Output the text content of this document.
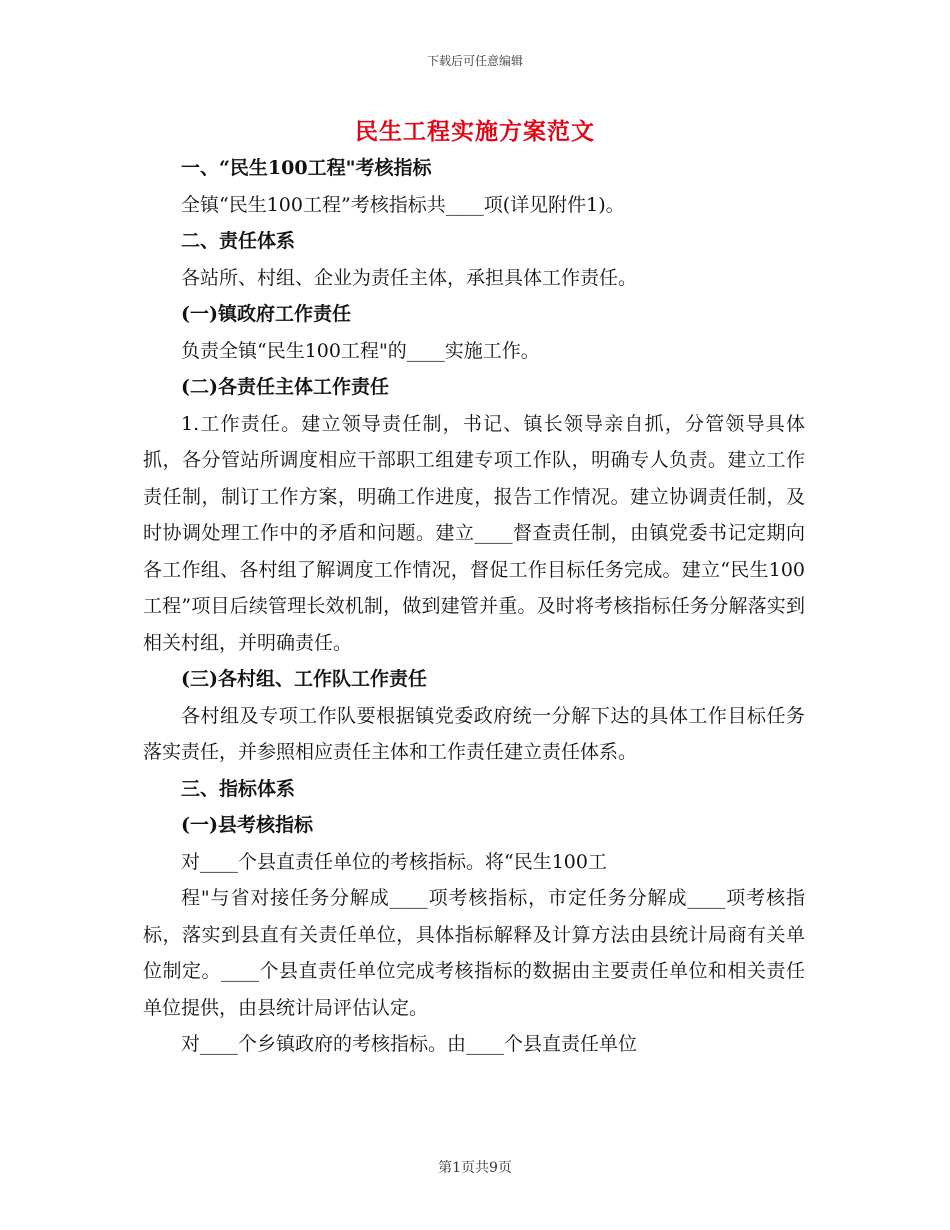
下载后可任意编辑
民生工程实施方案范文

一、“民生100工程"考核指标

全镇“民生100工程”考核指标共____项(详见附件1)。

二、责任体系

各站所、村组、企业为责任主体，承担具体工作责任。

(一)镇政府工作责任

负责全镇“民生100工程"的____实施工作。

(二)各责任主体工作责任

1.工作责任。建立领导责任制，书记、镇长领导亲自抓，分管领导具体抓，各分管站所调度相应干部职工组建专项工作队，明确专人负责。建立工作责任制，制订工作方案，明确工作进度，报告工作情况。建立协调责任制，及时协调处理工作中的矛盾和问题。建立____督查责任制，由镇党委书记定期向各工作组、各村组了解调度工作情况，督促工作目标任务完成。建立“民生100工程”项目后续管理长效机制，做到建管并重。及时将考核指标任务分解落实到相关村组，并明确责任。

(三)各村组、工作队工作责任

各村组及专项工作队要根据镇党委政府统一分解下达的具体工作目标任务落实责任，并参照相应责任主体和工作责任建立责任体系。

三、指标体系

(一)县考核指标

对____个县直责任单位的考核指标。将“民生100工

程"与省对接任务分解成____项考核指标，市定任务分解成____项考核指标，落实到县直有关责任单位，具体指标解释及计算方法由县统计局商有关单位制定。____个县直责任单位完成考核指标的数据由主要责任单位和相关责任单位提供，由县统计局评估认定。

对____个乡镇政府的考核指标。由____个县直责任单位

第1页共9页
